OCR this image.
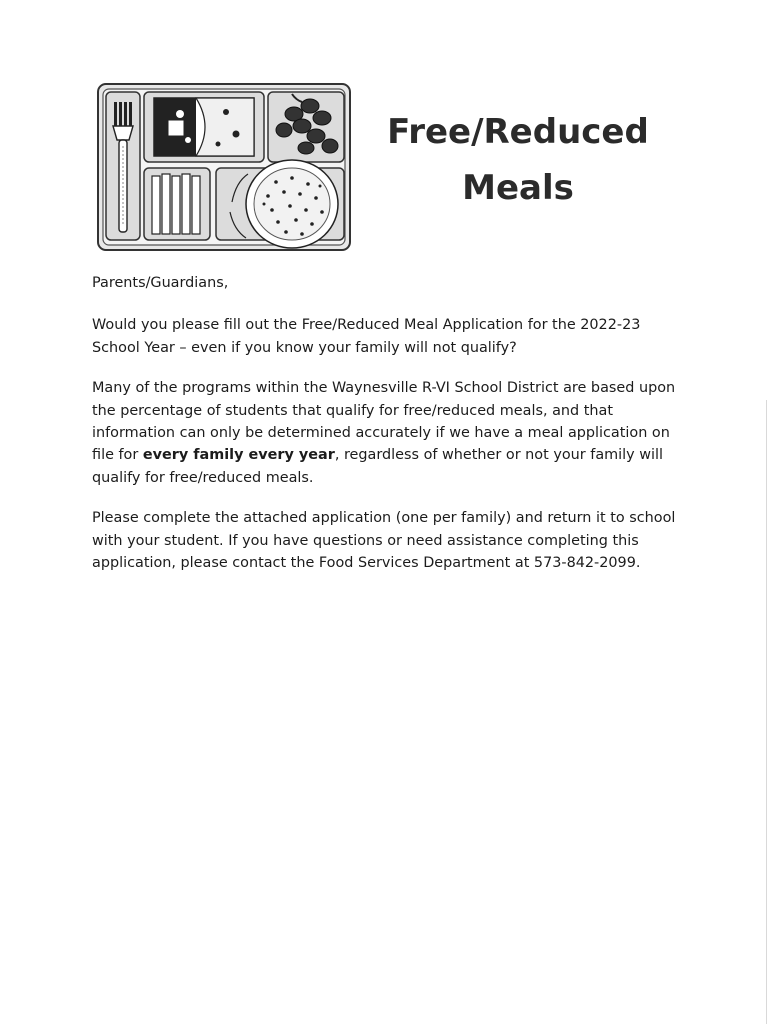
Free/Reduced
Meals

Parents/Guardians,

Would you please fill out the Free/Reduced Meal Application for the 2022-23 School Year – even if you know your family will not qualify?

Many of the programs within the Waynesville R-VI School District are based upon the percentage of students that qualify for free/reduced meals, and that information can only be determined accurately if we have a meal application on file for every family every year, regardless of whether or not your family will qualify for free/reduced meals.

Please complete the attached application (one per family) and return it to school with your student. If you have questions or need assistance completing this application, please contact the Food Services Department at 573-842-2099.
